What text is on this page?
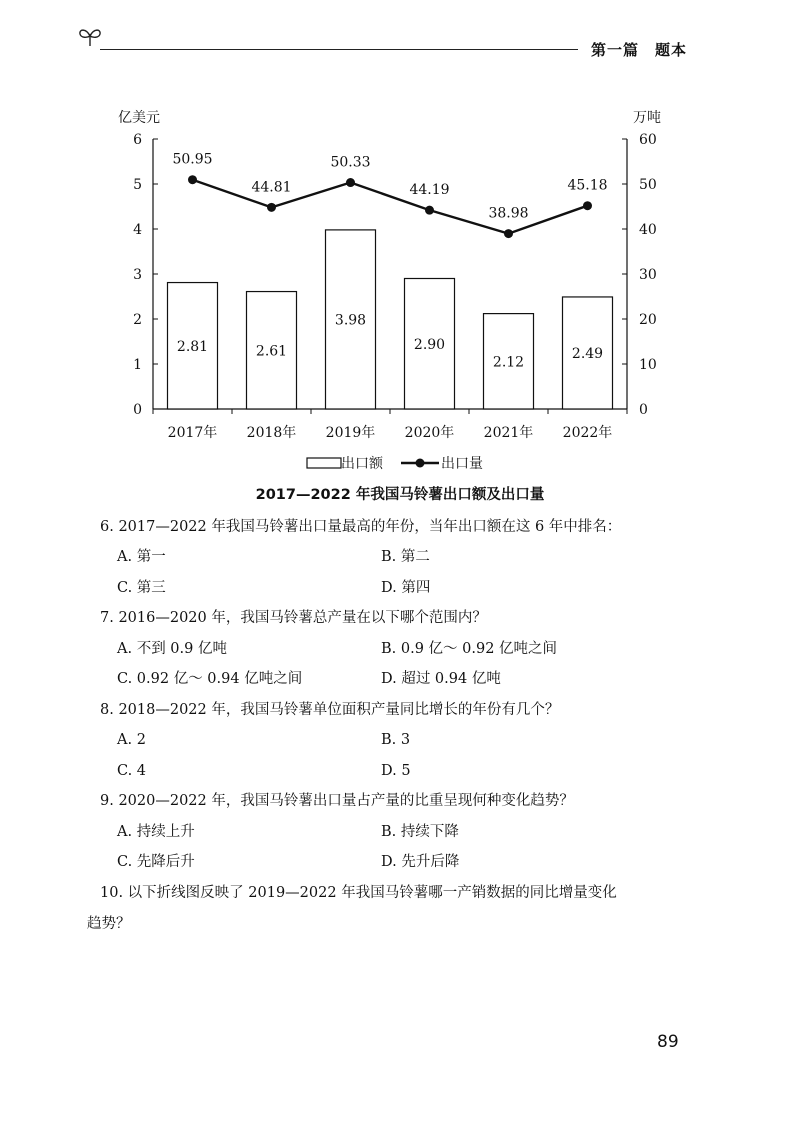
第一篇　题本
0
1
2
3
4
5
6
0
10
20
30
40
50
60
亿美元	万吨
2017年 2018年 2019年 2020年 2021年 2022年
2.81	2.61
3.98
2.90
2.12
2.49
50.95
44.81
50.33
44.19
38.98
45.18
出口额	出口量
2017—2022 年我国马铃薯出口额及出口量
6. 2017—2022 年我国马铃薯出口量最高的年份，当年出口额在这 6 年中排名：
A. 第一	B. 第二
C. 第三	D. 第四
7. 2016—2020 年，我国马铃薯总产量在以下哪个范围内？
A. 不到 0.9 亿吨	B. 0.9 亿～ 0.92 亿吨之间
C. 0.92 亿～ 0.94 亿吨之间	D. 超过 0.94 亿吨
8. 2018—2022 年，我国马铃薯单位面积产量同比增长的年份有几个？
A. 2	B. 3
C. 4	D. 5
9. 2020—2022 年，我国马铃薯出口量占产量的比重呈现何种变化趋势？
A. 持续上升	B. 持续下降
C. 先降后升	D. 先升后降
10. 以下折线图反映了 2019—2022 年我国马铃薯哪一产销数据的同比增量变化
趋势？
89
